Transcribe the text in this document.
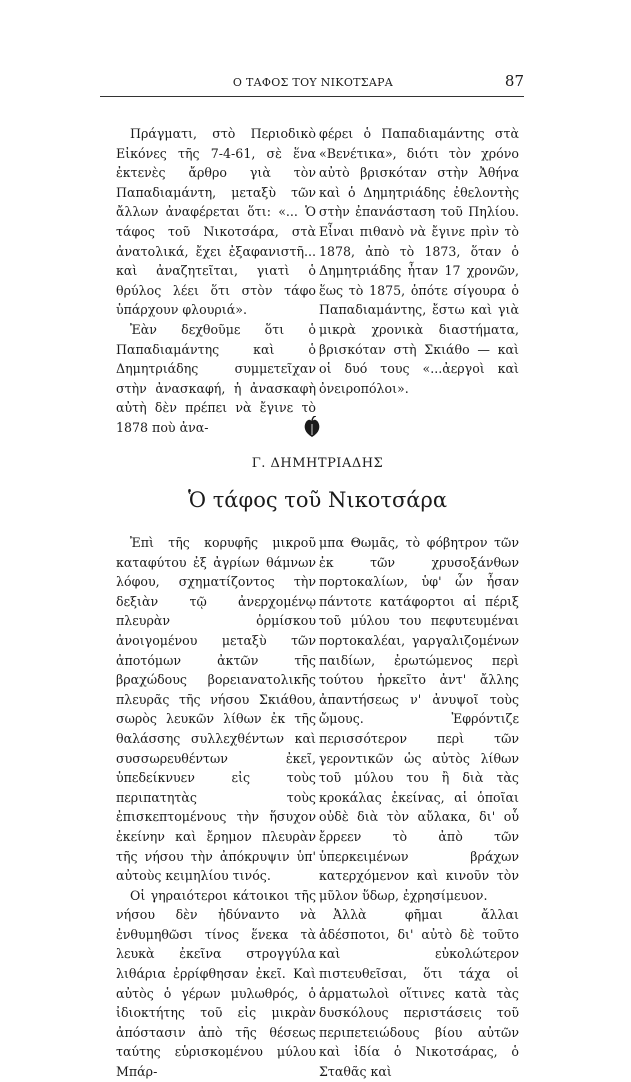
Ο ΤΑΦΟΣ ΤΟΥ ΝΙΚΟΤΣΑΡΑ	87

Πράγματι, στὸ Περιοδικὸ Εἰκόνες τῆς 7-4-61, σὲ ἕνα ἐκτενὲς ἄρθρο γιὰ τὸν Παπαδιαμάντη, μεταξὺ τῶν ἄλλων ἀναφέρεται ὅτι: «... Ὁ τάφος τοῦ Νικοτσάρα, στὰ ἀνατολικά, ἔχει ἐξαφανιστῆ... καὶ ἀναζητεῖται, γιατὶ ὁ θρύλος λέει ὅτι στὸν τάφο ὑπάρχουν φλουριά».

Ἐὰν δεχθοῦμε ὅτι ὁ Παπαδιαμάντης καὶ ὁ Δημητριάδης συμμετεῖχαν στὴν ἀνασκαφή, ἡ ἀνασκαφὴ αὐτὴ δὲν πρέπει νὰ ἔγινε τὸ 1878 ποὺ ἀνα-

φέρει ὁ Παπαδιαμάντης στὰ «Βενέτικα», διότι τὸν χρόνο αὐτὸ βρισκόταν στὴν Ἀθήνα καὶ ὁ Δημητριάδης ἐθελοντὴς στὴν ἐπανάσταση τοῦ Πηλίου. Εἶναι πιθανὸ νὰ ἔγινε πρὶν τὸ 1878, ἀπὸ τὸ 1873, ὅταν ὁ Δημητριάδης ἦταν 17 χρονῶν, ἕως τὸ 1875, ὁπότε σίγουρα ὁ Παπαδιαμάντης, ἔστω καὶ γιὰ μικρὰ χρονικὰ διαστήματα, βρισκόταν στὴ Σκιάθο — καὶ οἱ δυό τους «...ἀεργοὶ καὶ ὀνειροπόλοι».

Γ. ΔΗΜΗΤΡΙΑΔΗΣ
Ὁ τάφος τοῦ Νικοτσάρα

Ἐπὶ τῆς κορυφῆς μικροῦ καταφύτου ἐξ ἀγρίων θάμνων λόφου, σχηματίζοντος τὴν δεξιὰν τῷ ἀνερχομένῳ πλευρὰν ὁρμίσκου ἀνοιγομένου μεταξὺ τῶν ἀποτόμων ἀκτῶν τῆς βραχώδους βορειανατολικῆς πλευρᾶς τῆς νήσου Σκιάθου, σωρὸς λευκῶν λίθων ἐκ τῆς θαλάσσης συλλεχθέντων καὶ συσσωρευθέντων ἐκεῖ, ὑπεδείκνυεν εἰς τοὺς περιπατητὰς τοὺς ἐπισκεπτομένους τὴν ἥσυχον ἐκείνην καὶ ἔρημον πλευρὰν τῆς νήσου τὴν ἀπόκρυψιν ὑπ' αὐτοὺς κειμηλίου τινός.

Οἱ γηραιότεροι κάτοικοι τῆς νήσου δὲν ἠδύναντο νὰ ἐνθυμηθῶσι τίνος ἕνεκα τὰ λευκὰ ἐκεῖνα στρογγύλα λιθάρια ἐρρίφθησαν ἐκεῖ. Καὶ αὐτὸς ὁ γέρων μυλωθρός, ὁ ἰδιοκτήτης τοῦ εἰς μικρὰν ἀπόστασιν ἀπὸ τῆς θέσεως ταύτης εὑρισκομένου μύλου Μπάρ-

μπα Θωμᾶς, τὸ φόβητρον τῶν ἐκ τῶν χρυσοξάνθων πορτοκαλίων, ὑφ' ὧν ἦσαν πάντοτε κατάφορτοι αἱ πέριξ τοῦ μύλου του πεφυτευμέναι πορτοκαλέαι, γαργαλιζομένων παιδίων, ἐρωτώμενος περὶ τούτου ἠρκεῖτο ἀντ' ἄλλης ἀπαντήσεως ν' ἀνυψοῖ τοὺς ὤμους. Ἐφρόντιζε περισσότερον περὶ τῶν γεροντικῶν ὡς αὐτὸς λίθων τοῦ μύλου του ἢ διὰ τὰς κροκάλας ἐκείνας, αἱ ὁποῖαι οὐδὲ διὰ τὸν αὔλακα, δι' οὗ ἔρρεεν τὸ ἀπὸ τῶν ὑπερκειμένων βράχων κατερχόμενον καὶ κινοῦν τὸν μῦλον ὕδωρ, ἐχρησίμευον.

Ἀλλὰ φῆμαι ἄλλαι ἀδέσποτοι, δι' αὐτὸ δὲ τοῦτο καὶ εὐκολώτερον πιστευθεῖσαι, ὅτι τάχα οἱ ἁρματωλοὶ οἵτινες κατὰ τὰς δυσκόλους περιστάσεις τοῦ περιπετειώδους βίου αὐτῶν καὶ ἰδία ὁ Νικοτσάρας, ὁ Σταθᾶς καὶ
